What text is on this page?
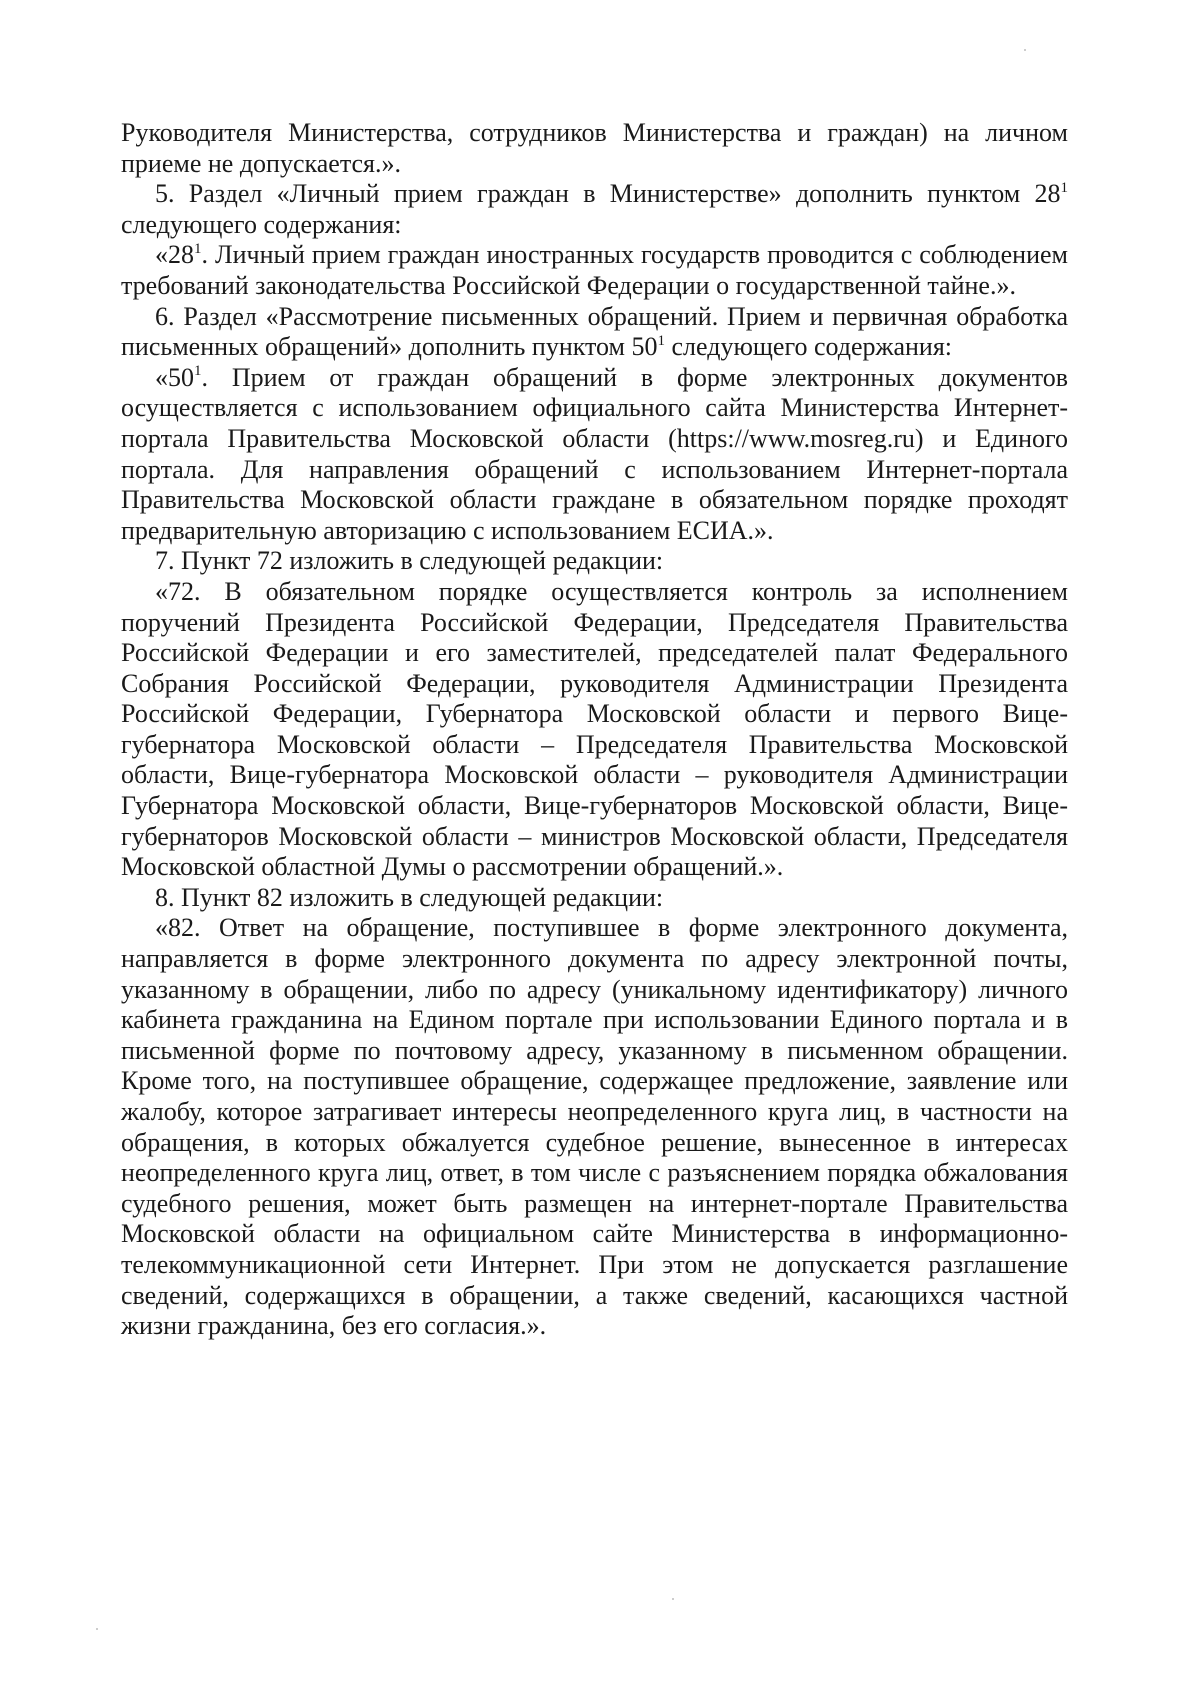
Руководителя Министерства, сотрудников Министерства и граждан) на личном приеме не допускается.».

5. Раздел «Личный прием граждан в Министерстве» дополнить пунктом $28^1$ следующего содержания:

«$28^1$. Личный прием граждан иностранных государств проводится с соблюдением требований законодательства Российской Федерации о государственной тайне.».

6. Раздел «Рассмотрение письменных обращений. Прием и первичная обработка письменных обращений» дополнить пунктом $50^1$ следующего содержания:

«$50^1$. Прием от граждан обращений в форме электронных документов осуществляется с использованием официального сайта Министерства Интернет-портала Правительства Московской области (https://www.mosreg.ru) и Единого портала. Для направления обращений с использованием Интернет-портала Правительства Московской области граждане в обязательном порядке проходят предварительную авторизацию с использованием ЕСИА.».

7. Пункт 72 изложить в следующей редакции:

«72. В обязательном порядке осуществляется контроль за исполнением поручений Президента Российской Федерации, Председателя Правительства Российской Федерации и его заместителей, председателей палат Федерального Собрания Российской Федерации, руководителя Администрации Президента Российской Федерации, Губернатора Московской области и первого Вице-губернатора Московской области – Председателя Правительства Московской области, Вице-губернатора Московской области – руководителя Администрации Губернатора Московской области, Вице-губернаторов Московской области, Вице-губернаторов Московской области – министров Московской области, Председателя Московской областной Думы о рассмотрении обращений.».

8. Пункт 82 изложить в следующей редакции:

«82. Ответ на обращение, поступившее в форме электронного документа, направляется в форме электронного документа по адресу электронной почты, указанному в обращении, либо по адресу (уникальному идентификатору) личного кабинета гражданина на Едином портале при использовании Единого портала и в письменной форме по почтовому адресу, указанному в письменном обращении. Кроме того, на поступившее обращение, содержащее предложение, заявление или жалобу, которое затрагивает интересы неопределенного круга лиц, в частности на обращения, в которых обжалуется судебное решение, вынесенное в интересах неопределенного круга лиц, ответ, в том числе с разъяснением порядка обжалования судебного решения, может быть размещен на интернет-портале Правительства Московской области на официальном сайте Министерства в информационно-телекоммуникационной сети Интернет. При этом не допускается разглашение сведений, содержащихся в обращении, а также сведений, касающихся частной жизни гражданина, без его согласия.».
